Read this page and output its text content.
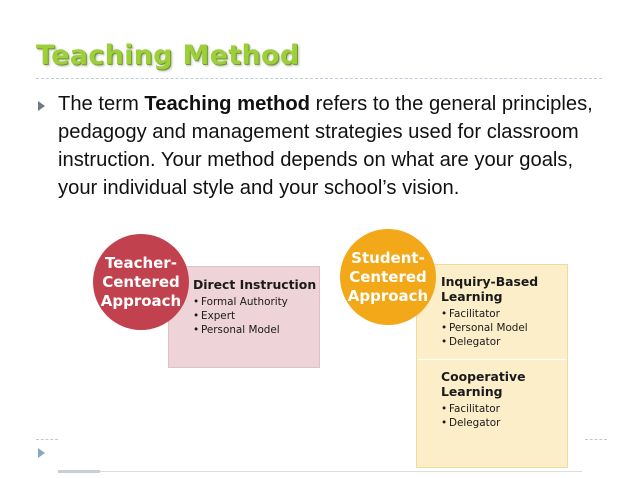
Teaching Method

The term Teaching method refers to the general principles, pedagogy and management strategies used for classroom instruction. Your method depends on what are your goals, your individual style and your school’s vision.

Direct Instruction
• Formal Authority
• Expert
• Personal Model
Teacher-
Centered
Approach
Inquiry-Based
Learning
• Facilitator
• Personal Model
• Delegator
Cooperative
Learning
• Facilitator
• Delegator
Student-
Centered
Approach
